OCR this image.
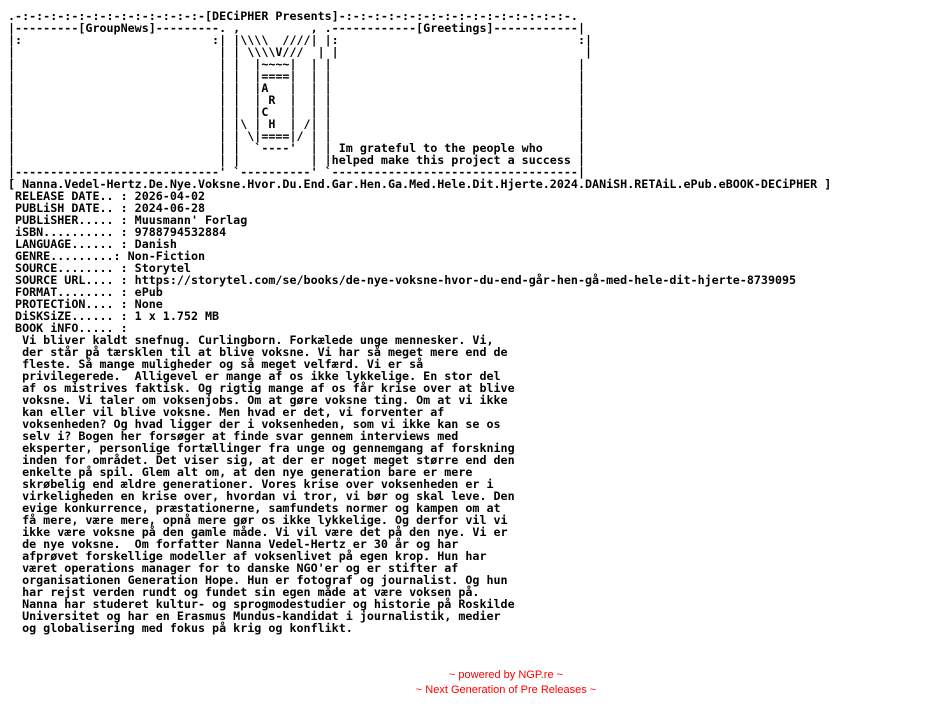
.-:-:-:-:-:-:-:-:-:-:-:-:-:-[DECiPHER Presents]-:-:-:-:-:-:-:-:-:-:-:-:-:-:-:-:-.
|---------[GroupNews]---------. ,          , .------------[Greetings]------------|
|:                           :| |\\\\  ////| |:                                  :|
|                             | | \\\\V///  | |                                   |
|                             | |  |~~~~|  | |                                   |
|                             | |  |====|  | |                                   |
|                             | |  |A   |  | |                                   |
|                             | |  | R  |  | |                                   |
|                             | |  |C   |  | |                                   |
|                             | |\ | H  | /| |                                   |
|                             | | \|====|/ | |                                   |
|                             | |  `----'  | | Im grateful to the people who     |
|                             | |          | |helped make this project a success |
|-----------------------------' `----------' `-----------------------------------|
[ Nanna.Vedel-Hertz.De.Nye.Voksne.Hvor.Du.End.Gar.Hen.Ga.Med.Hele.Dit.Hjerte.2024.DANiSH.RETAiL.ePub.eBOOK-DECiPHER ]
RELEASE DATE.. : 2026-04-02
PUBLiSH DATE.. : 2024-06-28
PUBLiSHER..... : Muusmann' Forlag
iSBN.......... : 9788794532884
LANGUAGE...... : Danish
GENRE.........: Non-Fiction
SOURCE........ : Storytel
SOURCE URL.... : https://storytel.com/se/books/de-nye-voksne-hvor-du-end-går-hen-gå-med-hele-dit-hjerte-8739095
FORMAT........ : ePub
PROTECTiON.... : None
DiSKSiZE...... : 1 x 1.752 MB
BOOK iNFO..... :
Vi bliver kaldt snefnug. Curlingborn. Forkælede unge mennesker. Vi,
der står på tærsklen til at blive voksne. Vi har så meget mere end de
fleste. Så mange muligheder og så meget velfærd. Vi er så
privilegerede.  Alligevel er mange af os ikke lykkelige. En stor del
af os mistrives faktisk. Og rigtig mange af os får krise over at blive
voksne. Vi taler om voksenjobs. Om at gøre voksne ting. Om at vi ikke
kan eller vil blive voksne. Men hvad er det, vi forventer af
voksenheden? Og hvad ligger der i voksenheden, som vi ikke kan se os
selv i? Bogen her forsøger at finde svar gennem interviews med
eksperter, personlige fortællinger fra unge og gennemgang af forskning
inden for området. Det viser sig, at der er noget meget større end den
enkelte på spil. Glem alt om, at den nye generation bare er mere
skrøbelig end ældre generationer. Vores krise over voksenheden er i
virkeligheden en krise over, hvordan vi tror, vi bør og skal leve. Den
evige konkurrence, præstationerne, samfundets normer og kampen om at
få mere, være mere, opnå mere gør os ikke lykkelige. Og derfor vil vi
ikke være voksne på den gamle måde. Vi vil være det på den nye. Vi er
de nye voksne.  Om forfatter Nanna Vedel-Hertz er 30 år og har
afprøvet forskellige modeller af voksenlivet på egen krop. Hun har
været operations manager for to danske NGO'er og er stifter af
organisationen Generation Hope. Hun er fotograf og journalist. Og hun
har rejst verden rundt og fundet sin egen måde at være voksen på.
Nanna har studeret kultur- og sprogmodestudier og historie på Roskilde
Universitet og har en Erasmus Mundus-kandidat i journalistik, medier
og globalisering med fokus på krig og konflikt.
~ powered by NGP.re ~
~ Next Generation of Pre Releases ~
